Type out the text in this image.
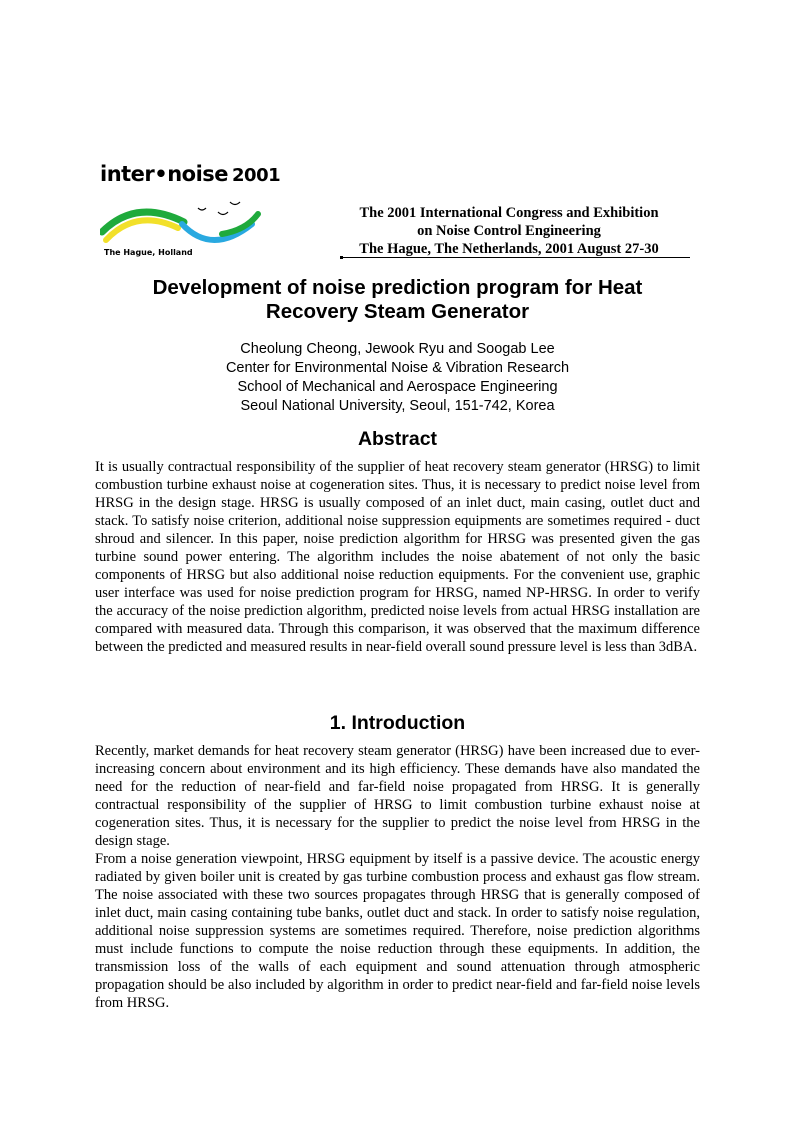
inter•noise 2001
The Hague, Holland
The 2001 International Congress and Exhibition
on Noise Control Engineering
The Hague, The Netherlands, 2001 August 27-30
Development of noise prediction program for Heat
Recovery Steam Generator
Cheolung Cheong, Jewook Ryu and Soogab Lee
Center for Environmental Noise & Vibration Research
School of Mechanical and Aerospace Engineering
Seoul National University, Seoul, 151-742, Korea
Abstract

It is usually contractual responsibility of the supplier of heat recovery steam generator (HRSG) to limit combustion turbine exhaust noise at cogeneration sites. Thus, it is necessary to predict noise level from HRSG in the design stage. HRSG is usually composed of an inlet duct, main casing, outlet duct and stack. To satisfy noise criterion, additional noise suppression equipments are sometimes required - duct shroud and silencer. In this paper, noise prediction algorithm for HRSG was presented given the gas turbine sound power entering. The algorithm includes the noise abatement of not only the basic components of HRSG but also additional noise reduction equipments. For the convenient use, graphic user interface was used for noise prediction program for HRSG, named NP-HRSG. In order to verify the accuracy of the noise prediction algorithm, predicted noise levels from actual HRSG installation are compared with measured data. Through this comparison, it was observed that the maximum difference between the predicted and measured results in near-field overall sound pressure level is less than 3dBA.

1. Introduction

Recently, market demands for heat recovery steam generator (HRSG) have been increased due to ever-increasing concern about environment and its high efficiency. These demands have also mandated the need for the reduction of near-field and far-field noise propagated from HRSG. It is generally contractual responsibility of the supplier of HRSG to limit combustion turbine exhaust noise at cogeneration sites. Thus, it is necessary for the supplier to predict the noise level from HRSG in the design stage.

From a noise generation viewpoint, HRSG equipment by itself is a passive device. The acoustic energy radiated by given boiler unit is created by gas turbine combustion process and exhaust gas flow stream. The noise associated with these two sources propagates through HRSG that is generally composed of inlet duct, main casing containing tube banks, outlet duct and stack. In order to satisfy noise regulation, additional noise suppression systems are sometimes required. Therefore, noise prediction algorithms must include functions to compute the noise reduction through these equipments. In addition, the transmission loss of the walls of each equipment and sound attenuation through atmospheric propagation should be also included by algorithm in order to predict near-field and far-field noise levels from HRSG.
